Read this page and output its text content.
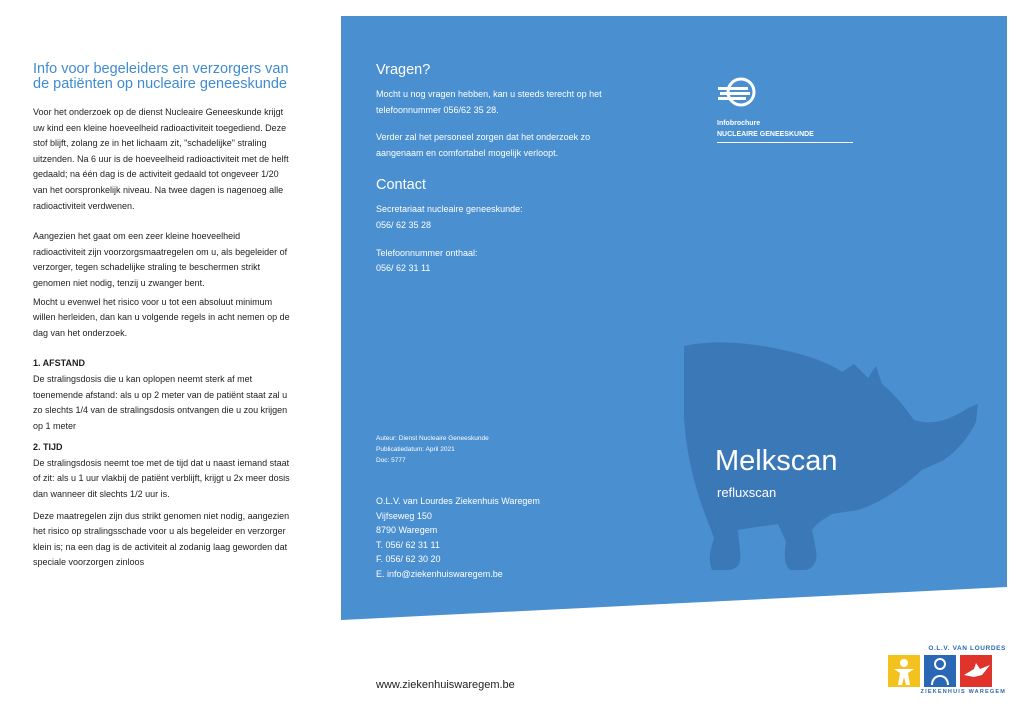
Info voor begeleiders en verzorgers van de patiënten op nucleaire geneeskunde

Voor het onderzoek op de dienst Nucleaire Geneeskunde krijgt uw kind een kleine hoeveelheid radioactiviteit toegediend. Deze stof blijft, zolang ze in het lichaam zit, "schadelijke" straling uitzenden. Na 6 uur is de hoeveelheid radioactiviteit met de helft gedaald; na één dag is de activiteit gedaald tot ongeveer 1/20 van het oorspronkelijk niveau. Na twee dagen is nagenoeg alle radioactiviteit verdwenen.

Aangezien het gaat om een zeer kleine hoeveelheid radioactiviteit zijn voorzorgsmaatregelen om u, als begeleider of verzorger, tegen schadelijke straling te beschermen strikt genomen niet nodig, tenzij u zwanger bent.

Mocht u evenwel het risico voor u tot een absoluut minimum willen herleiden, dan kan u volgende regels in acht nemen op de dag van het onderzoek.

1. AFSTAND

De stralingsdosis die u kan oplopen neemt sterk af met toenemende afstand: als u op 2 meter van de patiënt staat zal u zo slechts 1/4 van de stralingsdosis ontvangen die u zou krijgen op 1 meter

2. TIJD

De stralingsdosis neemt toe met de tijd dat u naast iemand staat of zit: als u 1 uur vlakbij de patiënt verblijft, krijgt u 2x meer dosis dan wanneer dit slechts 1/2 uur is.

Deze maatregelen zijn dus strikt genomen niet nodig, aangezien het risico op stralingsschade voor u als begeleider en verzorger klein is; na een dag is de activiteit al zodanig laag geworden dat speciale voorzorgen zinloos

Vragen?

Mocht u nog vragen hebben, kan u steeds terecht op het telefoonnummer 056/62 35 28.

Verder zal het personeel zorgen dat het onderzoek zo aangenaam en comfortabel mogelijk verloopt.

Contact

Secretariaat nucleaire geneeskunde:
056/ 62 35 28

Telefoonnummer onthaal:
056/ 62 31 11

Auteur: Dienst Nucleaire Geneeskunde
Publicatiedatum: April 2021
Doc: 5777
O.L.V. van Lourdes Ziekenhuis Waregem
Vijfseweg 150
8790 Waregem
T. 056/ 62 31 11
F. 056/ 62 30 20
E. info@ziekenhuiswaregem.be
Infobrochure
NUCLEAIRE GENEESKUNDE
Melkscan
refluxscan
www.ziekenhuiswaregem.be
O.L.V. VAN LOURDES
ZIEKENHUIS WAREGEM
